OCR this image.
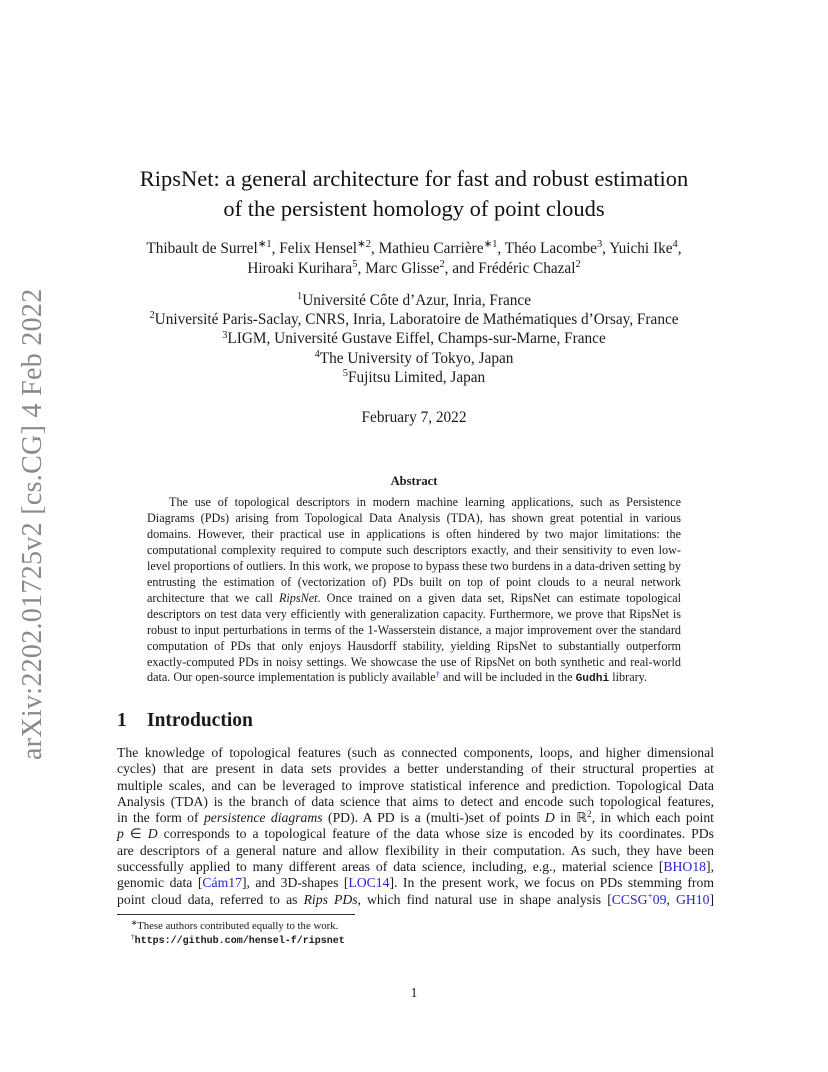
arXiv:2202.01725v2 [cs.CG] 4 Feb 2022
RipsNet: a general architecture for fast and robust estimation
of the persistent homology of point clouds
Thibault de Surrel$^{∗1}$, Felix Hensel$^{∗2}$, Mathieu Carrière$^{∗1}$, Théo Lacombe$^3$, Yuichi Ike$^4$,
Hiroaki Kurihara$^5$, Marc Glisse$^2$, and Frédéric Chazal$^2$
$^1$Université Côte d’Azur, Inria, France
$^2$Université Paris-Saclay, CNRS, Inria, Laboratoire de Mathématiques d’Orsay, France
$^3$LIGM, Université Gustave Eiffel, Champs-sur-Marne, France
$^4$The University of Tokyo, Japan
$^5$Fujitsu Limited, Japan
February 7, 2022
Abstract
The use of topological descriptors in modern machine learning applications, such as Persistence Diagrams (PDs) arising from Topological Data Analysis (TDA), has shown great potential in various domains. However, their practical use in applications is often hindered by two major limitations: the computational complexity required to compute such descriptors exactly, and their sensitivity to even low-level proportions of outliers. In this work, we propose to bypass these two burdens in a data-driven setting by entrusting the estimation of (vectorization of) PDs built on top of point clouds to a neural network architecture that we call RipsNet. Once trained on a given data set, RipsNet can estimate topological descriptors on test data very efficiently with generalization capacity. Furthermore, we prove that RipsNet is robust to input perturbations in terms of the 1-Wasserstein distance, a major improvement over the standard computation of PDs that only enjoys Hausdorff stability, yielding RipsNet to substantially outperform exactly-computed PDs in noisy settings. We showcase the use of RipsNet on both synthetic and real-world data. Our open-source implementation is publicly available† and will be included in the Gudhi library.
1 Introduction
The knowledge of topological features (such as connected components, loops, and higher dimensional
cycles) that are present in data sets provides a better understanding of their structural properties at
multiple scales, and can be leveraged to improve statistical inference and prediction. Topological Data
Analysis (TDA) is the branch of data science that aims to detect and encode such topological features,
in the form of persistence diagrams (PD). A PD is a (multi-)set of points D in ℝ$^2$, in which each point
p ∈ D corresponds to a topological feature of the data whose size is encoded by its coordinates. PDs
are descriptors of a general nature and allow flexibility in their computation. As such, they have been
successfully applied to many different areas of data science, including, e.g., material science [BHO18],
genomic data [Cám17], and 3D-shapes [LOC14]. In the present work, we focus on PDs stemming from
point cloud data, referred to as Rips PDs, which find natural use in shape analysis [CCSG+09, GH10]
∗These authors contributed equally to the work.
†https://github.com/hensel-f/ripsnet
1
